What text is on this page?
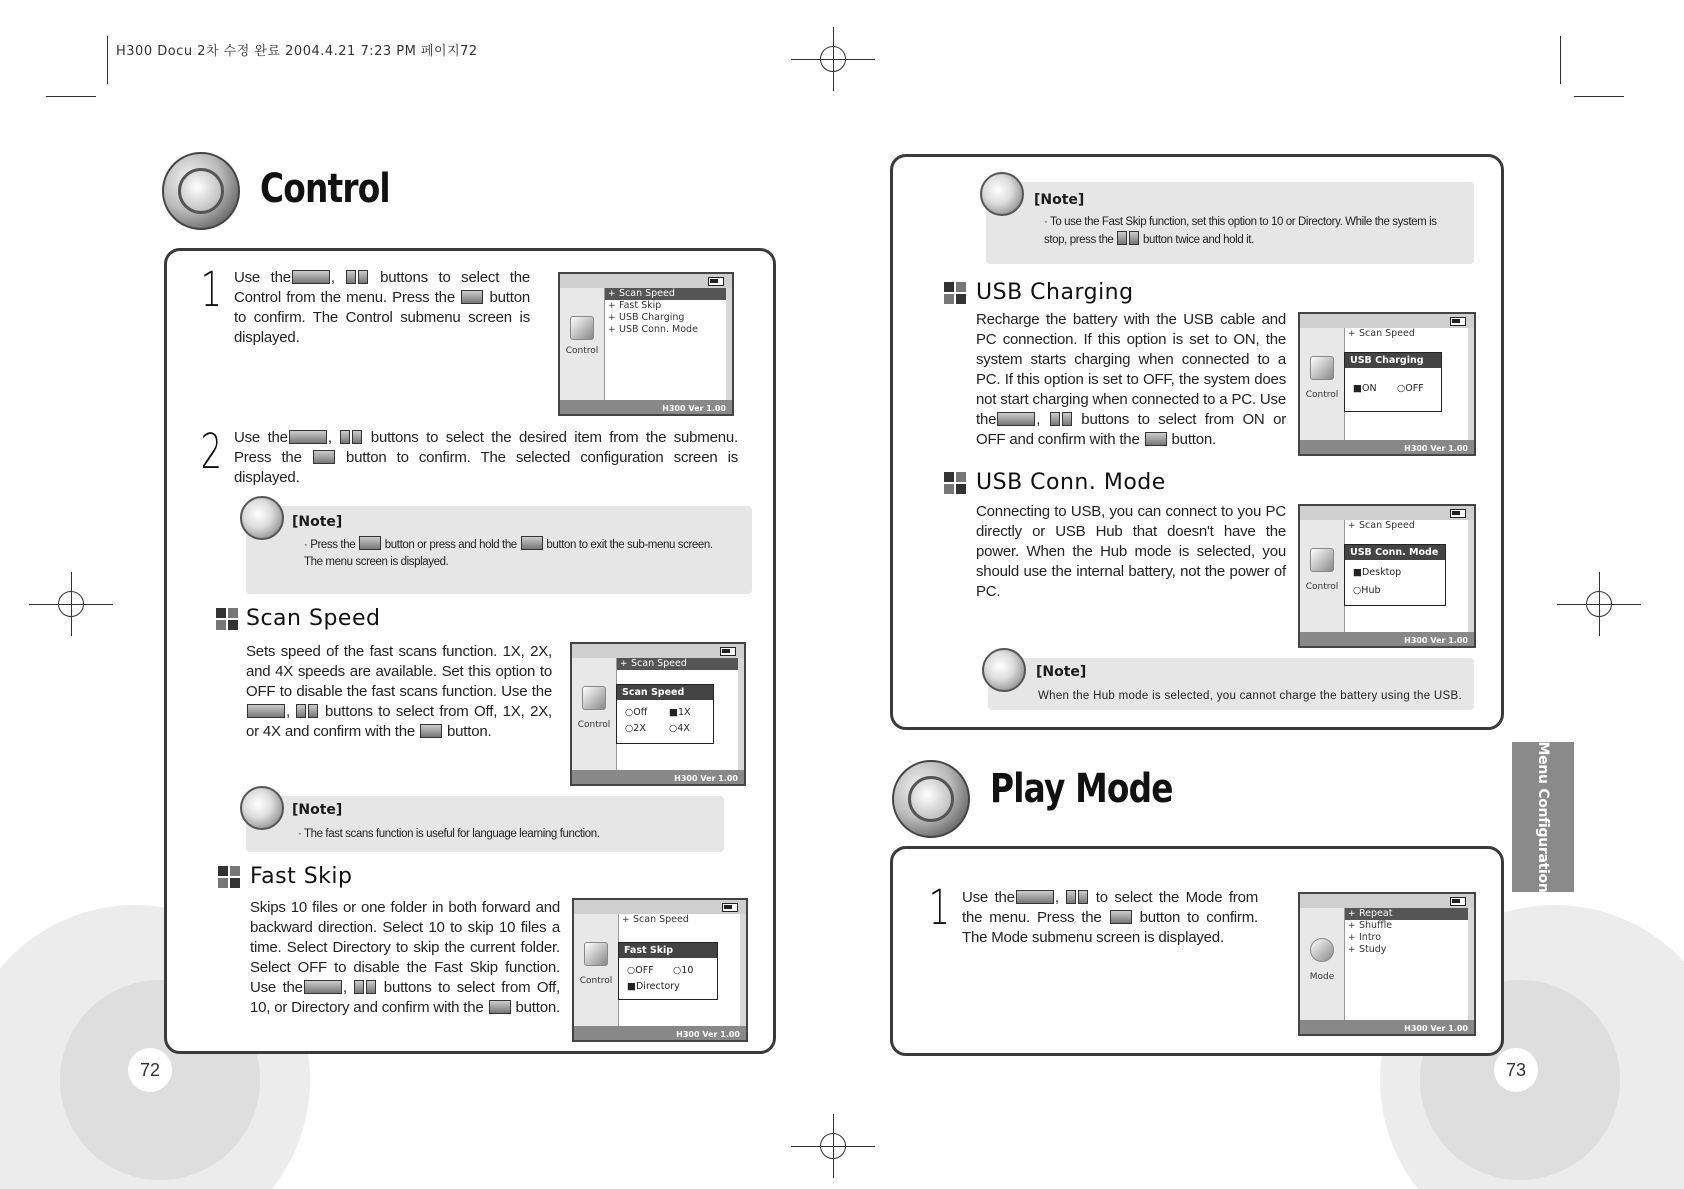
H300 Docu 2차 수정 완료 2004.4.21 7:23 PM 페이지72
Control
1 Use the	,	buttons to select the Control from the menu. Press the button to confirm. The Control submenu screen is displayed.
Control
+ Scan Speed
+ Fast Skip
+ USB Charging
+ USB Conn. Mode
H300 Ver 1.00
2 Use the	,	buttons to select the desired item from the submenu. Press the	button to confirm. The selected configuration screen is displayed.
[Note]
· Press the	button or press and hold the	button to exit the sub-menu screen.
The menu screen is displayed.
Scan Speed
Sets speed of the fast scans function. 1X, 2X, and 4X speeds are available. Set this option to OFF to disable the fast scans function. Use the, buttons to select from Off, 1X, 2X, or 4X and confirm with the button.	Control
+ Scan Speed
Scan Speed
○Off ■1X
○2X ○4X
H300 Ver 1.00
[Note]
· The fast scans function is useful for language learning function.
Fast Skip
Skips 10 files or one folder in both forward and backward direction. Select 10 to skip 10 files a time. Select Directory to skip the current folder. Select OFF to disable the Fast Skip function. Use the	, buttons to select from Off, 10, or Directory and confirm with the button.
Control
+ Scan Speed
Fast Skip
○OFF ○10
■Directory
H300 Ver 1.00
72
[Note]
· To use the Fast Skip function, set this option to 10 or Directory. While the system is
stop, press the	button twice and hold it.
USB Charging
Recharge the battery with the USB cable and PC connection. If this option is set to ON, the system starts charging when connected to a PC. If this option is set to OFF, the system does not start charging when connected to a PC. Use the	,	buttons to select from ON or OFF and confirm with the button.
Control
+ Scan Speed
USB Charging
■ON ○OFF
H300 Ver 1.00
USB Conn. Mode
Connecting to USB, you can connect to you PC directly or USB Hub that doesn't have the power. When the Hub mode is selected, you should use the internal battery, not the power of PC.	Control
+ Scan Speed
USB Conn. Mode
■Desktop
○Hub
H300 Ver 1.00
[Note]
When the Hub mode is selected, you cannot charge the battery using the USB.
Play Mode
1 Use the	, to select the Mode from the menu. Press the	button to confirm. The Mode submenu screen is displayed.
Mode
+ Repeat
+ Shuffle
+ Intro
+ Study
H300 Ver 1.00
Menu Configuration
73
